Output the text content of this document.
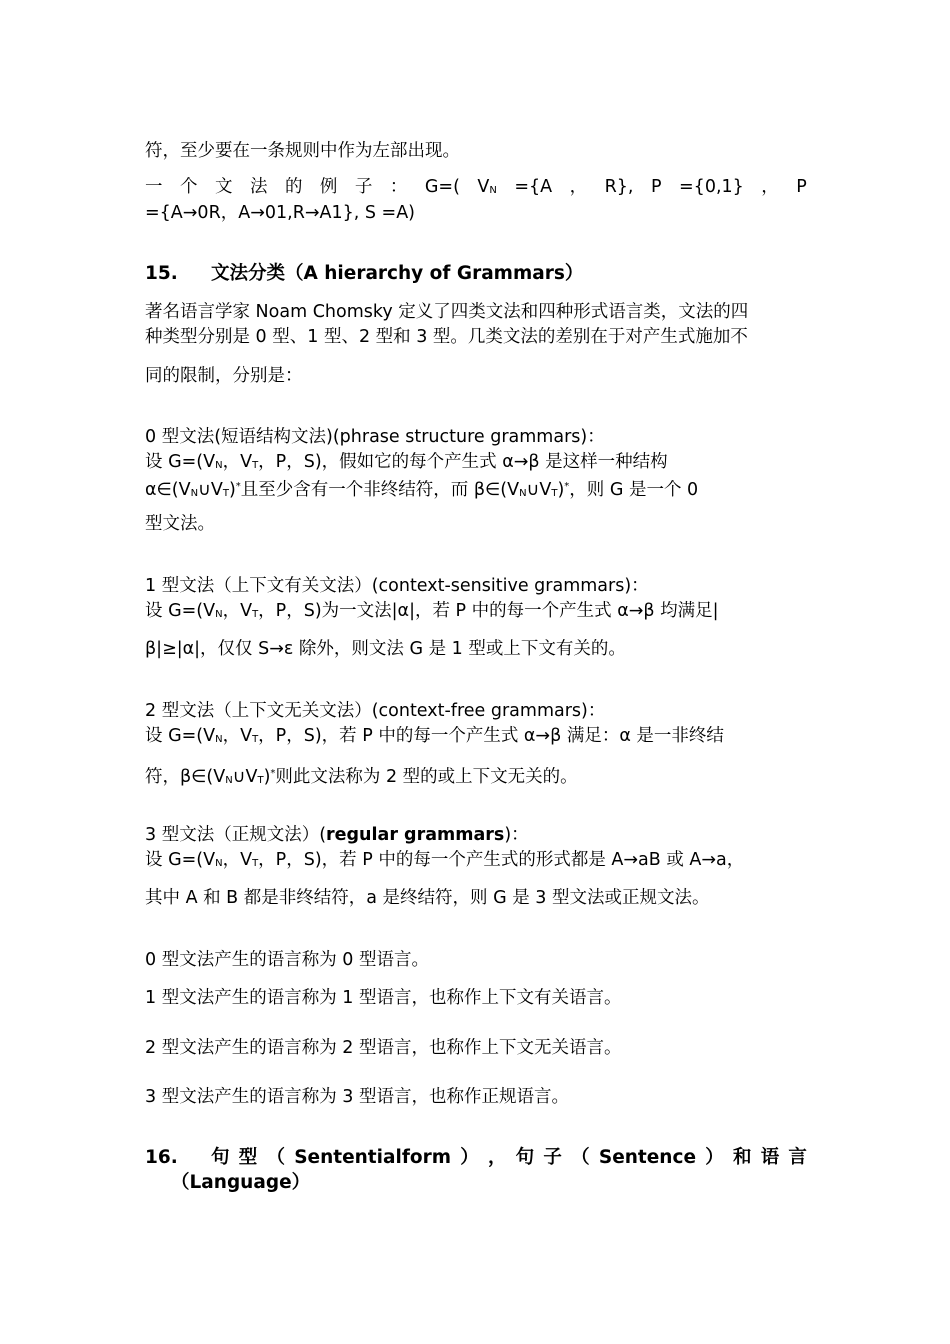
符，至少要在一条规则中作为左部出现。
一 个 文 法 的 例 子 ： G=( VN ={A ， R}, P ={0,1} ， P
={A→0R，A→01,R→A1}, S =A)
15. 文法分类（A hierarchy of Grammars）
著名语言学家 Noam Chomsky 定义了四类文法和四种形式语言类，文法的四
种类型分别是 0 型、1 型、2 型和 3 型。几类文法的差别在于对产生式施加不
同的限制，分别是：
0 型文法(短语结构文法)(phrase structure grammars)：
设 G=(VN，VT，P，S)，假如它的每个产生式 α→β 是这样一种结构
α∈(VN∪VT)*且至少含有一个非终结符，而 β∈(VN∪VT)*，则 G 是一个 0
型文法。
1 型文法（上下文有关文法）(context-sensitive grammars)：
设 G=(VN，VT，P，S)为一文法|α|，若 P 中的每一个产生式 α→β 均满足|
β|≥|α|，仅仅 S→ε 除外，则文法 G 是 1 型或上下文有关的。
2 型文法（上下文无关文法）(context-free grammars)：
设 G=(VN，VT，P，S)，若 P 中的每一个产生式 α→β 满足：α 是一非终结
符，β∈(VN∪VT)*则此文法称为 2 型的或上下文无关的。
3 型文法（正规文法）(regular grammars)：
设 G=(VN，VT，P，S)，若 P 中的每一个产生式的形式都是 A→aB 或 A→a，
其中 A 和 B 都是非终结符，a 是终结符，则 G 是 3 型文法或正规文法。
0 型文法产生的语言称为 0 型语言。
1 型文法产生的语言称为 1 型语言，也称作上下文有关语言。
2 型文法产生的语言称为 2 型语言，也称作上下文无关语言。
3 型文法产生的语言称为 3 型语言，也称作正规语言。
16. 句 型 （ Sententialform ） ， 句 子 （ Sentence ） 和 语 言
（Language）
